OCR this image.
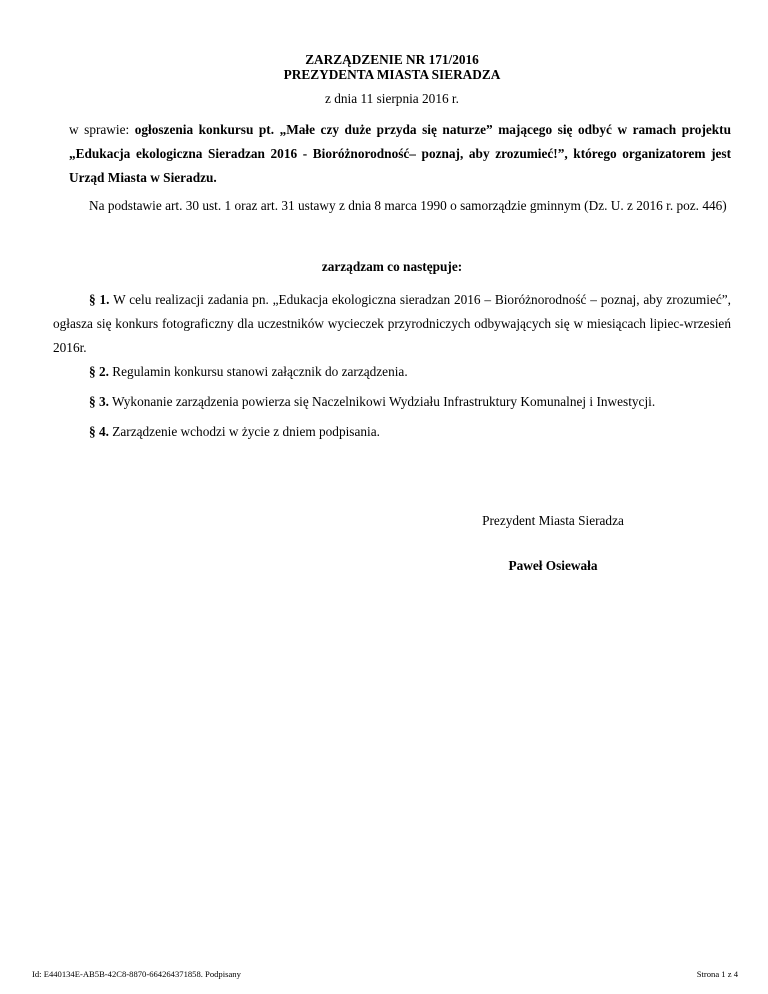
ZARZĄDZENIE NR 171/2016
PREZYDENTA MIASTA SIERADZA
z dnia 11 sierpnia 2016 r.
w sprawie: ogłoszenia konkursu pt. „Małe czy duże przyda się naturze” mającego się odbyć w ramach projektu „Edukacja ekologiczna Sieradzan 2016 - Bioróżnorodność– poznaj, aby zrozumieć!”, którego organizatorem jest Urząd Miasta w Sieradzu.
Na podstawie art. 30 ust. 1 oraz art. 31 ustawy z dnia 8 marca 1990 o samorządzie gminnym (Dz. U. z 2016 r. poz. 446)
zarządzam co następuje:
§ 1. W celu realizacji zadania pn. „Edukacja ekologiczna sieradzan 2016 – Bioróżnorodność – poznaj, aby zrozumieć”, ogłasza się konkurs fotograficzny dla uczestników wycieczek przyrodniczych odbywających się w miesiącach lipiec-wrzesień 2016r.
§ 2. Regulamin konkursu stanowi załącznik do zarządzenia.
§ 3. Wykonanie zarządzenia powierza się Naczelnikowi Wydziału Infrastruktury Komunalnej i Inwestycji.
§ 4. Zarządzenie wchodzi w życie z dniem podpisania.
Prezydent Miasta Sieradza
Paweł Osiewała
Id: E440134E-AB5B-42C8-8870-664264371858. Podpisany	Strona 1 z 4
